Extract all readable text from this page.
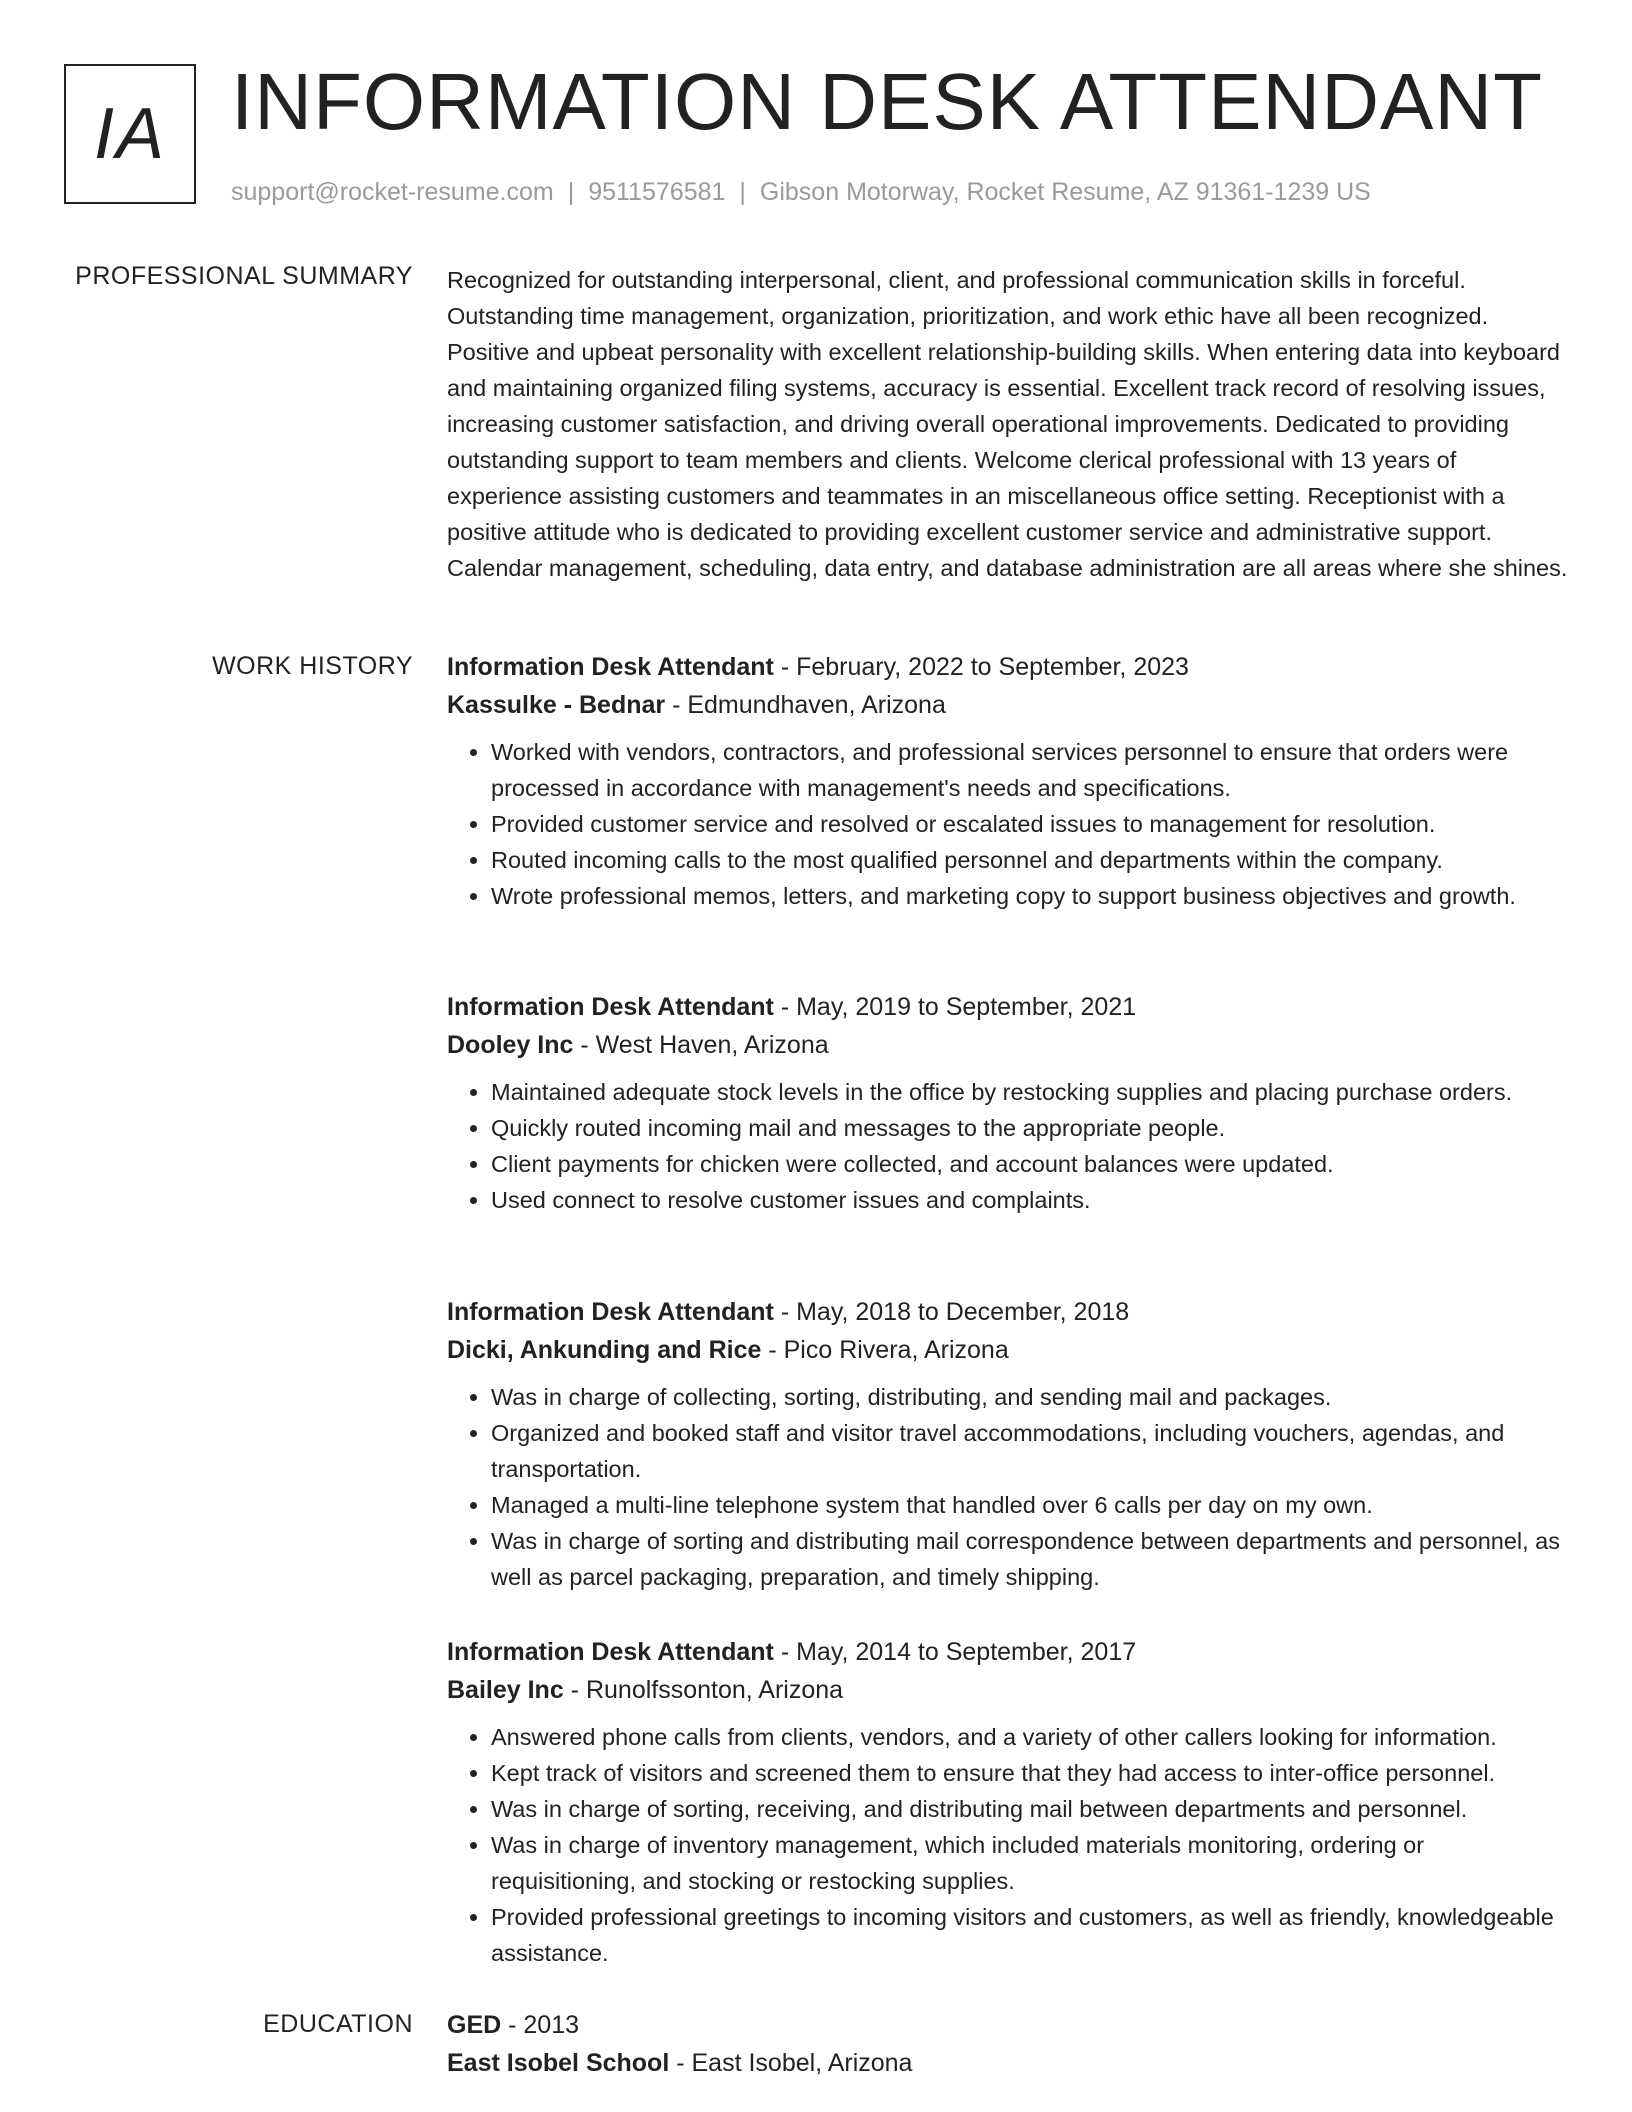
IA INFORMATION DESK ATTENDANT
support@rocket-resume.com | 9511576581 | Gibson Motorway, Rocket Resume, AZ 91361-1239 US
PROFESSIONAL SUMMARY Recognized for outstanding interpersonal, client, and professional communication skills in forceful. Outstanding time management, organization, prioritization, and work ethic have all been recognized. Positive and upbeat personality with excellent relationship-building skills. When entering data into keyboard and maintaining organized filing systems, accuracy is essential. Excellent track record of resolving issues, increasing customer satisfaction, and driving overall operational improvements. Dedicated to providing outstanding support to team members and clients. Welcome clerical professional with 13 years of experience assisting customers and teammates in an miscellaneous office setting. Receptionist with a positive attitude who is dedicated to providing excellent customer service and administrative support. Calendar management, scheduling, data entry, and database administration are all areas where she shines.

WORK HISTORY Information Desk Attendant - February, 2022 to September, 2023
Kassulke - Bednar - Edmundhaven, Arizona
• Worked with vendors, contractors, and professional services personnel to ensure that orders were processed in accordance with management's needs and specifications.
• Provided customer service and resolved or escalated issues to management for resolution.
• Routed incoming calls to the most qualified personnel and departments within the company.
• Wrote professional memos, letters, and marketing copy to support business objectives and growth.
Information Desk Attendant - May, 2019 to September, 2021
Dooley Inc - West Haven, Arizona
• Maintained adequate stock levels in the office by restocking supplies and placing purchase orders.
• Quickly routed incoming mail and messages to the appropriate people.
• Client payments for chicken were collected, and account balances were updated.
• Used connect to resolve customer issues and complaints.
Information Desk Attendant - May, 2018 to December, 2018
Dicki, Ankunding and Rice - Pico Rivera, Arizona
• Was in charge of collecting, sorting, distributing, and sending mail and packages.
• Organized and booked staff and visitor travel accommodations, including vouchers, agendas, and transportation.
• Managed a multi-line telephone system that handled over 6 calls per day on my own.
• Was in charge of sorting and distributing mail correspondence between departments and personnel, as well as parcel packaging, preparation, and timely shipping.
Information Desk Attendant - May, 2014 to September, 2017
Bailey Inc - Runolfssonton, Arizona
• Answered phone calls from clients, vendors, and a variety of other callers looking for information.
• Kept track of visitors and screened them to ensure that they had access to inter-office personnel.
• Was in charge of sorting, receiving, and distributing mail between departments and personnel.
• Was in charge of inventory management, which included materials monitoring, ordering or requisitioning, and stocking or restocking supplies.
• Provided professional greetings to incoming visitors and customers, as well as friendly, knowledgeable assistance.
EDUCATION GED - 2013
East Isobel School - East Isobel, Arizona
